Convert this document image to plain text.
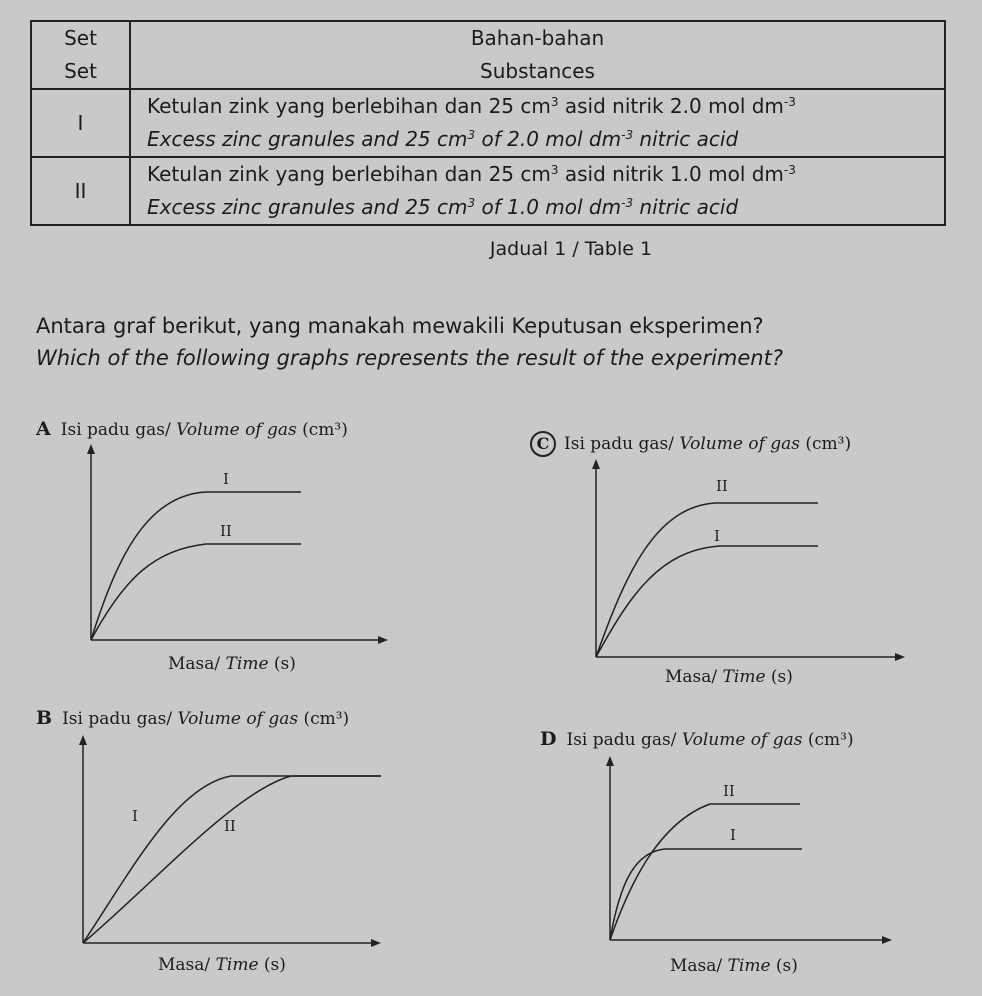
Set
Set	Bahan-bahan
Substances

I	Ketulan zink yang berlebihan dan 25 $cm^3$ asid nitrik 2.0 mol $dm^{-3}$
Excess zinc granules and 25 $cm^3$ of 2.0 mol $dm^{-3}$ nitric acid

II	Ketulan zink yang berlebihan dan 25 $cm^3$ asid nitrik 1.0 mol $dm^{-3}$
Excess zinc granules and 25 $cm^3$ of 1.0 mol $dm^{-3}$ nitric acid
Jadual 1 / Table 1
Antara graf berikut, yang manakah mewakili Keputusan eksperimen?
Which of the following graphs represents the result of the experiment?
A Isi padu gas/ Volume of gas (cm³)
I
II
Masa/ Time (s)
C Isi padu gas/ Volume of gas (cm³)
II
I
Masa/ Time (s)
B Isi padu gas/ Volume of gas (cm³)
I
II
Masa/ Time (s)
D Isi padu gas/ Volume of gas (cm³)
II
I
Masa/ Time (s)
